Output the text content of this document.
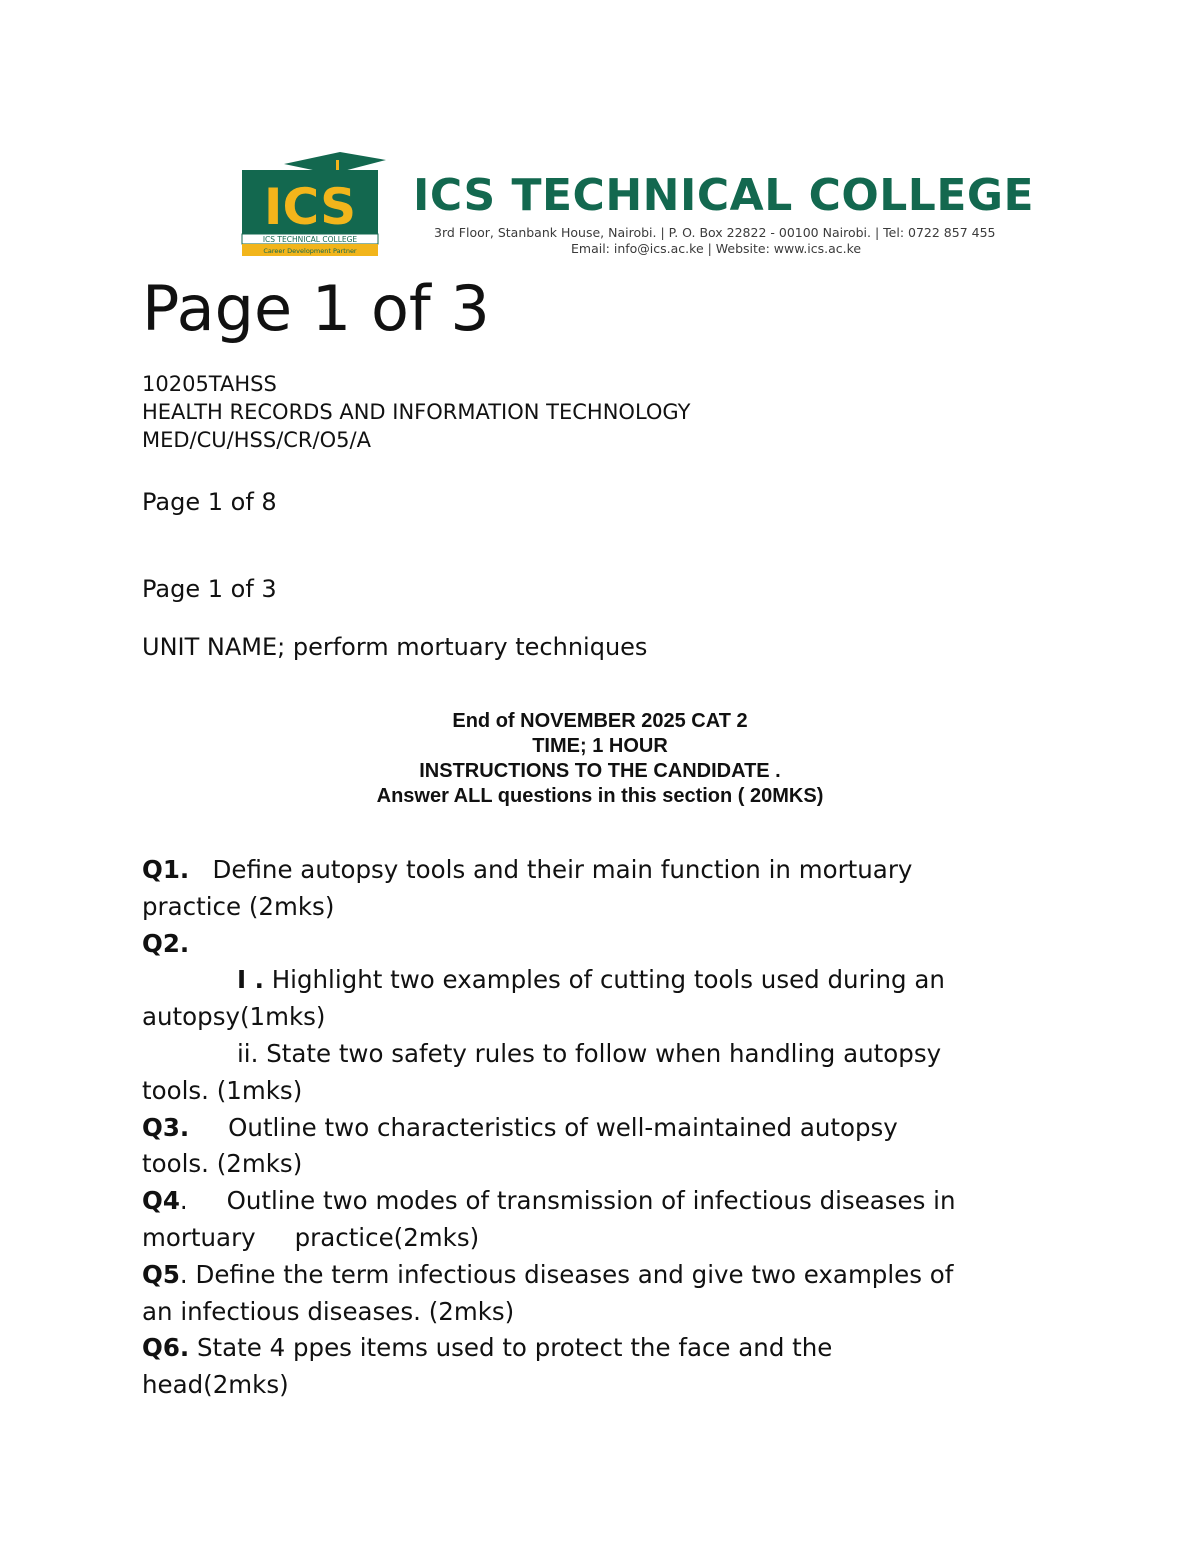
ICS
ICS TECHNICAL COLLEGE
Career Development Partner
ICS TECHNICAL COLLEGE
3rd Floor, Stanbank House, Nairobi. | P. O. Box 22822 - 00100 Nairobi. | Tel: 0722 857 455
Email: info@ics.ac.ke | Website: www.ics.ac.ke
Page 1 of 3
10205TAHSS
HEALTH RECORDS AND INFORMATION TECHNOLOGY
MED/CU/HSS/CR/O5/A
Page 1 of 8
Page 1 of 3
UNIT NAME; perform mortuary techniques
End of NOVEMBER 2025 CAT 2
TIME; 1 HOUR
INSTRUCTIONS TO THE CANDIDATE .
Answer ALL questions in this section ( 20MKS)

Q1.   Define autopsy tools and their main function in mortuary

practice (2mks)

Q2.

I . Highlight two examples of cutting tools used during an

autopsy(1mks)

ii. State two safety rules to follow when handling autopsy

tools. (1mks)

Q3.     Outline two characteristics of well-maintained autopsy

tools. (2mks)

Q4.     Outline two modes of transmission of infectious diseases in

mortuary     practice(2mks)

Q5. Define the term infectious diseases and give two examples of

an infectious diseases. (2mks)

Q6. State 4 ppes items used to protect the face and the

head(2mks)
